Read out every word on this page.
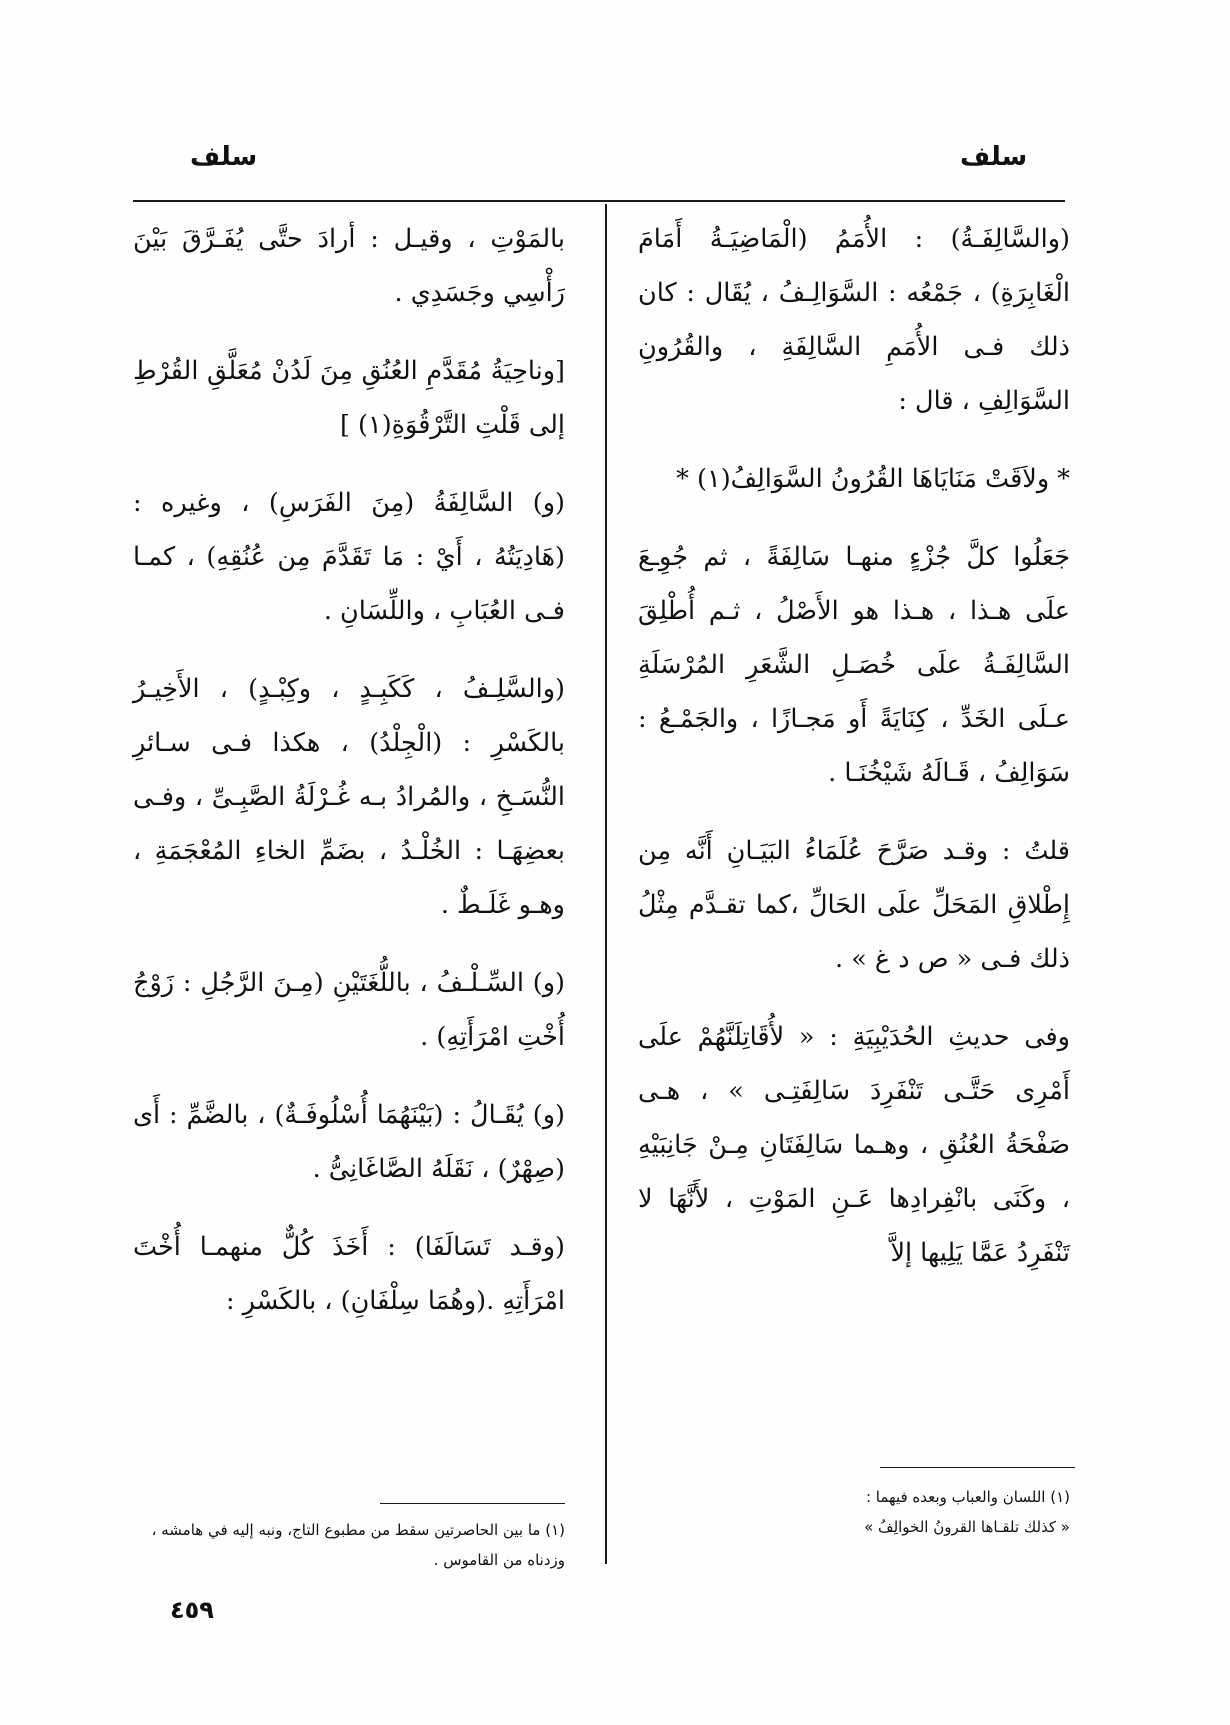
سلف
سلف

(والسَّالِفَـةُ) : الأُمَمُ (الْمَاضِيَـةُ أَمَامَ الْغَابِرَةِ) ، جَمْعُه : السَّوَالِـفُ ، يُقَال : كان ذلك فـى الأُمَمِ السَّالِفَةِ ، والقُرُونِ السَّوَالِفِ ، قال :

* ولاَقَتْ مَنَايَاهَا القُرُونُ السَّوَالِفُ(١) *

جَعَلُوا كلَّ جُزْءٍ منهـا سَالِفَةً ، ثم جُوِـعَ علَى هـذا ، هـذا هو الأَصْلُ ، ثـم أُطْلِقَ السَّالِفَـةُ علَى خُصَـلِ الشَّعَرِ المُرْسَلَةِ عـلَى الخَدِّ ، كِنَايَةً أَو مَجـازًا ، والجَمْـعُ : سَوَالِفُ ، قَـالَهُ شَيْخُنَـا .

قلتُ : وقـد صَرَّحَ عُلَمَاءُ البَيَـانِ أَنَّه مِن إِطْلاقِ المَحَلِّ علَى الحَالِّ ،كما تقـدَّم مِثْلُ ذلك فـى « ص د غ » .

وفى حديثِ الحُدَيْبِيَةِ : « لأُقَاتِلَنَّهُمْ علَى أَمْرِى حَتَّـى تَنْفَرِدَ سَالِفَتِـى » ، هـى صَفْحَةُ العُنُقِ ، وهـما سَالِفَتَانِ مِـنْ جَانِبَيْهِ ، وكَنَى بانْفِرادِها عَـنِ المَوْتِ ، لأَنَّهَا لا تَنْفَرِدُ عَمَّا يَلِيها إلاَّ

بالمَوْتِ ، وقيـل : أرادَ حتَّى يُفَـرَّقَ بَيْنَ رَأْسِي وجَسَدِي .

[وناحِيَةُ مُقَدَّمِ العُنُقِ مِنَ لَدُنْ مُعَلَّقِ القُرْطِ إلى قَلْتِ التَّرْقُوَةِ(١) ]

(و) السَّالِفَةُ (مِنَ الفَرَسِ) ، وغيره : (هَادِيَتُهُ ، أَيْ : مَا تَقَدَّمَ مِن عُنُقِهِ) ، كمـا فـى العُبَابِ ، واللِّسَانِ .

(والسَّلِـفُ ، كَكَبِـدٍ ، وكِبْـدٍ) ، الأَخِيـرُ بالكَسْرِ : (الْجِلْدُ) ، هكذا فـى سـائرِ النُّسَـخِ ، والمُرادُ بـه غُـرْلَةُ الصَّبِـىِّ ، وفـى بعضِهَـا : الخُلْـدُ ، بضَمِّ الخاءِ المُعْجَمَةِ ، وهـو غَلَـطٌ .

(و) السِّـلْـفُ ، باللُّغَتَيْنِ (مِـنَ الرَّجُلِ : زَوْجُ أُخْتِ امْرَأَتِهِ) .

(و) يُقَـالُ : (بَيْنَهُمَا أُسْلُوفَـةٌ) ، بالضَّمِّ : أَى (صِهْرٌ) ، نَقَلَهُ الصَّاغَانِىُّ .

(وقـد تَسَالَفَا) : أَخَذَ كُلٌّ منهمـا أُخْتَ امْرَأَتِهِ .(وهُمَا سِلْفَانِ) ، بالكَسْرِ :

(١) اللسان والعباب وبعده فيهما :
« كذلك تلقـاها القرونُ الخوالِفُ »
(١) ما بين الحاصرتين سقط من مطبوع التاج، ونبه إليه في هامشه ، وزدناه من القاموس .
٤٥٩
